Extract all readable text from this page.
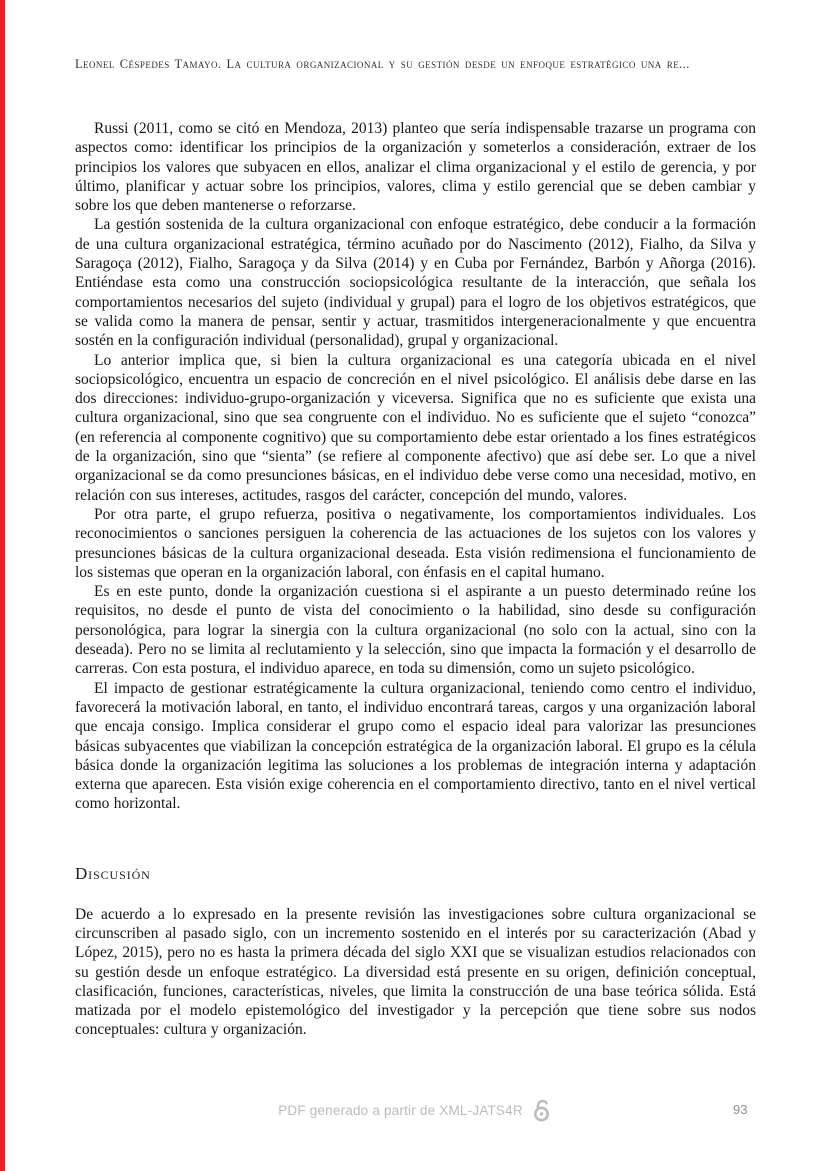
Leonel Céspedes Tamayo. La cultura organizacional y su gestión desde un enfoque estratégico una re...

Russi (2011, como se citó en Mendoza, 2013) planteo que sería indispensable trazarse un programa con aspectos como: identificar los principios de la organización y someterlos a consideración, extraer de los principios los valores que subyacen en ellos, analizar el clima organizacional y el estilo de gerencia, y por último, planificar y actuar sobre los principios, valores, clima y estilo gerencial que se deben cambiar y sobre los que deben mantenerse o reforzarse.

La gestión sostenida de la cultura organizacional con enfoque estratégico, debe conducir a la formación de una cultura organizacional estratégica, término acuñado por do Nascimento (2012), Fialho, da Silva y Saragoça (2012), Fialho, Saragoça y da Silva (2014) y en Cuba por Fernández, Barbón y Añorga (2016). Entiéndase esta como una construcción sociopsicológica resultante de la interacción, que señala los comportamientos necesarios del sujeto (individual y grupal) para el logro de los objetivos estratégicos, que se valida como la manera de pensar, sentir y actuar, trasmitidos intergeneracionalmente y que encuentra sostén en la configuración individual (personalidad), grupal y organizacional.

Lo anterior implica que, si bien la cultura organizacional es una categoría ubicada en el nivel sociopsicológico, encuentra un espacio de concreción en el nivel psicológico. El análisis debe darse en las dos direcciones: individuo-grupo-organización y viceversa. Significa que no es suficiente que exista una cultura organizacional, sino que sea congruente con el individuo. No es suficiente que el sujeto “conozca” (en referencia al componente cognitivo) que su comportamiento debe estar orientado a los fines estratégicos de la organización, sino que “sienta” (se refiere al componente afectivo) que así debe ser. Lo que a nivel organizacional se da como presunciones básicas, en el individuo debe verse como una necesidad, motivo, en relación con sus intereses, actitudes, rasgos del carácter, concepción del mundo, valores.

Por otra parte, el grupo refuerza, positiva o negativamente, los comportamientos individuales. Los reconocimientos o sanciones persiguen la coherencia de las actuaciones de los sujetos con los valores y presunciones básicas de la cultura organizacional deseada. Esta visión redimensiona el funcionamiento de los sistemas que operan en la organización laboral, con énfasis en el capital humano.

Es en este punto, donde la organización cuestiona si el aspirante a un puesto determinado reúne los requisitos, no desde el punto de vista del conocimiento o la habilidad, sino desde su configuración personológica, para lograr la sinergia con la cultura organizacional (no solo con la actual, sino con la deseada). Pero no se limita al reclutamiento y la selección, sino que impacta la formación y el desarrollo de carreras. Con esta postura, el individuo aparece, en toda su dimensión, como un sujeto psicológico.

El impacto de gestionar estratégicamente la cultura organizacional, teniendo como centro el individuo, favorecerá la motivación laboral, en tanto, el individuo encontrará tareas, cargos y una organización laboral que encaja consigo. Implica considerar el grupo como el espacio ideal para valorizar las presunciones básicas subyacentes que viabilizan la concepción estratégica de la organización laboral. El grupo es la célula básica donde la organización legitima las soluciones a los problemas de integración interna y adaptación externa que aparecen. Esta visión exige coherencia en el comportamiento directivo, tanto en el nivel vertical como horizontal.

Discusión

De acuerdo a lo expresado en la presente revisión las investigaciones sobre cultura organizacional se circunscriben al pasado siglo, con un incremento sostenido en el interés por su caracterización (Abad y López, 2015), pero no es hasta la primera década del siglo XXI que se visualizan estudios relacionados con su gestión desde un enfoque estratégico. La diversidad está presente en su origen, definición conceptual, clasificación, funciones, características, niveles, que limita la construcción de una base teórica sólida. Está matizada por el modelo epistemológico del investigador y la percepción que tiene sobre sus nodos conceptuales: cultura y organización.

PDF generado a partir de XML-JATS4R	93
